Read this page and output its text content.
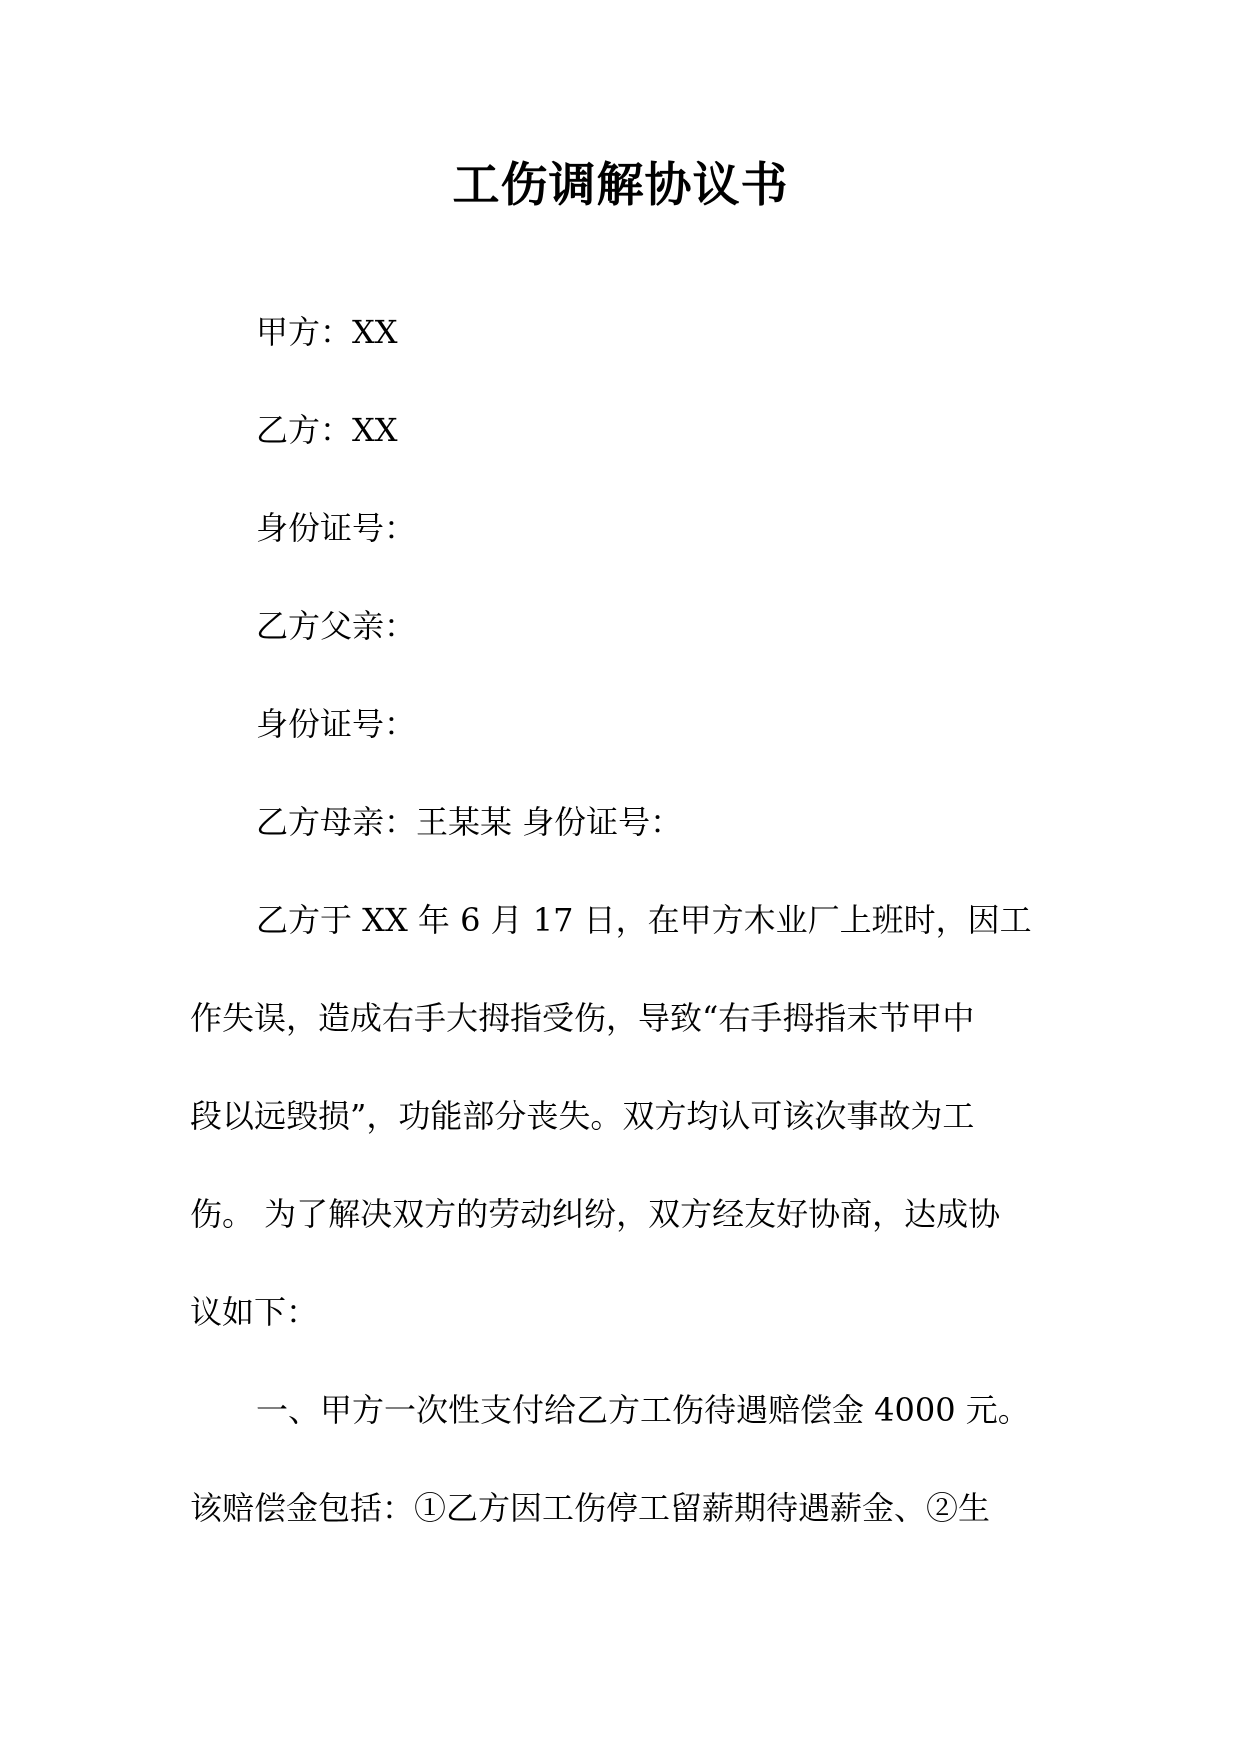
工伤调解协议书
甲方：XX
乙方：XX
身份证号：
乙方父亲：
身份证号：
乙方母亲：王某某 身份证号：
乙方于 XX 年 6 月 17 日，在甲方木业厂上班时，因工
作失误，造成右手大拇指受伤，导致“右手拇指末节甲中
段以远毁损”，功能部分丧失。双方均认可该次事故为工
伤。 为了解决双方的劳动纠纷，双方经友好协商，达成协
议如下：
一、甲方一次性支付给乙方工伤待遇赔偿金 4000 元。
该赔偿金包括：①乙方因工伤停工留薪期待遇薪金、②生
